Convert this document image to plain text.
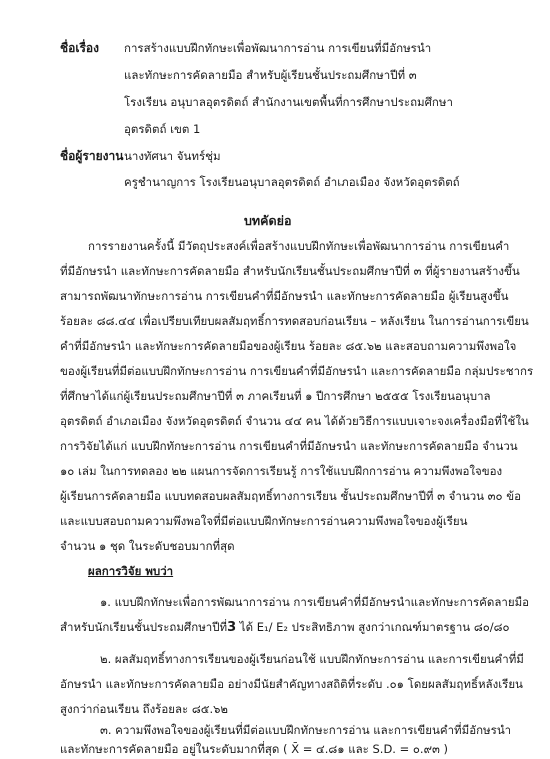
ชื่อเรื่อง การสร้างแบบฝึกทักษะเพื่อพัฒนาการอ่าน การเขียนที่มีอักษรนำ
และทักษะการคัดลายมือ สำหรับผู้เรียนชั้นประถมศึกษาปีที่ ๓
โรงเรียน อนุบาลอุตรดิตถ์ สำนักงานเขตพื้นที่การศึกษาประถมศึกษา
อุตรดิตถ์ เขต 1
ชื่อผู้รายงาน นางทัศนา จันทร์ชุ่ม
ครูชำนาญการ โรงเรียนอนุบาลอุตรดิตถ์ อำเภอเมือง จังหวัดอุตรดิตถ์
บทคัดย่อ
การรายงานครั้งนี้ มีวัตถุประสงค์เพื่อสร้างแบบฝึกทักษะเพื่อพัฒนาการอ่าน การเขียนคำ
ที่มีอักษรนำ และทักษะการคัดลายมือ สำหรับนักเรียนชั้นประถมศึกษาปีที่ ๓ ที่ผู้รายงานสร้างขึ้น
สามารถพัฒนาทักษะการอ่าน การเขียนคำที่มีอักษรนำ และทักษะการคัดลายมือ ผู้เรียนสูงขึ้น
ร้อยละ ๘๘.๔๔ เพื่อเปรียบเทียบผลสัมฤทธิ์การทดสอบก่อนเรียน – หลังเรียน ในการอ่านการเขียน
คำที่มีอักษรนำ และทักษะการคัดลายมือของผู้เรียน ร้อยละ ๘๕.๖๒ และสอบถามความพึงพอใจ
ของผู้เรียนที่มีต่อแบบฝึกทักษะการอ่าน การเขียนคำที่มีอักษรนำ และการคัดลายมือ กลุ่มประชากร
ที่ศึกษาได้แก่ผู้เรียนประถมศึกษาปีที่ ๓ ภาคเรียนที่ ๑ ปีการศึกษา ๒๕๕๕ โรงเรียนอนุบาล
อุตรดิตถ์ อำเภอเมือง จังหวัดอุตรดิตถ์ จำนวน ๔๔ คน ได้ด้วยวิธีการแบบเจาะจงเครื่องมือที่ใช้ใน
การวิจัยได้แก่ แบบฝึกทักษะการอ่าน การเขียนคำที่มีอักษรนำ และทักษะการคัดลายมือ จำนวน
๑๐ เล่ม ในการทดลอง ๒๒ แผนการจัดการเรียนรู้ การใช้แบบฝึกการอ่าน ความพึงพอใจของ
ผู้เรียนการคัดลายมือ แบบทดสอบผลสัมฤทธิ์ทางการเรียน ชั้นประถมศึกษาปีที่ ๓ จำนวน ๓๐ ข้อ
และแบบสอบถามความพึงพอใจที่มีต่อแบบฝึกทักษะการอ่านความพึงพอใจของผู้เรียน
จำนวน ๑ ชุด ในระดับชอบมากที่สุด
ผลการวิจัย พบว่า
๑. แบบฝึกทักษะเพื่อการพัฒนาการอ่าน การเขียนคำที่มีอักษรนำและทักษะการคัดลายมือ
สำหรับนักเรียนชั้นประถมศึกษาปีที่3 ได้ E₁/ E₂ ประสิทธิภาพ สูงกว่าเกณฑ์มาตรฐาน ๘๐/๘๐
๒. ผลสัมฤทธิ์ทางการเรียนของผู้เรียนก่อนใช้ แบบฝึกทักษะการอ่าน และการเขียนคำที่มี
อักษรนำ และทักษะการคัดลายมือ อย่างมีนัยสำคัญทางสถิติที่ระดับ .๐๑ โดยผลสัมฤทธิ์หลังเรียน
สูงกว่าก่อนเรียน ถึงร้อยละ ๘๕.๖๒
๓. ความพึงพอใจของผู้เรียนที่มีต่อแบบฝึกทักษะการอ่าน และการเขียนคำที่มีอักษรนำ
และทักษะการคัดลายมือ อยู่ในระดับมากที่สุด ( X̄ = ๔.๘๑ และ S.D. = ๐.๙๓ )
